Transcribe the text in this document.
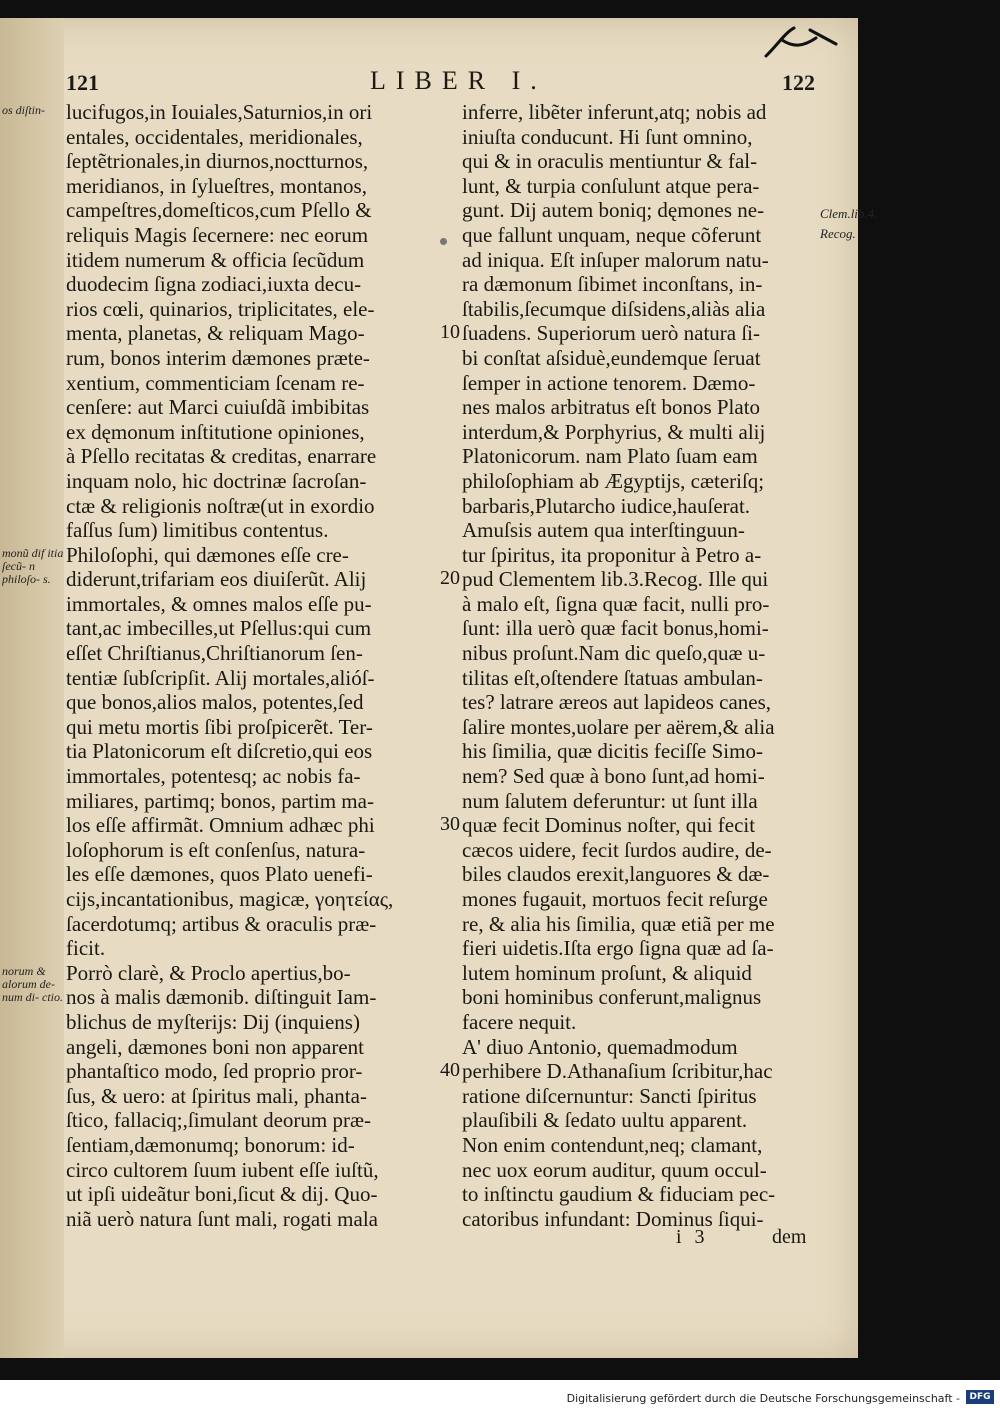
121	LIBER I.	122
lucifugos,in Iouiales,Saturnios,in ori
entales, occidentales, meridionales,
ſeptẽtrionales,in diurnos,noctturnos,
meridianos, in ſylueſtres, montanos,
campeſtres,domeſticos,cum Pſello &
reliquis Magis ſecernere: nec eorum
itidem numerum & officia ſecũdum
duodecim ſigna zodiaci,iuxta decu-
rios cœli, quinarios, triplicitates, ele-
menta, planetas, & reliquam Mago-
rum, bonos interim dæmones præte-
xentium, commenticiam ſcenam re-
cenſere: aut Marci cuiuſdã imbibitas
ex dęmonum inſtitutione opiniones,
à Pſello recitatas & creditas, enarrare
inquam nolo, hic doctrinæ ſacroſan-
ctæ & religionis noſtræ(ut in exordio
faſſus ſum) limitibus contentus.
Philoſophi, qui dæmones eſſe cre-
diderunt,trifariam eos diuiſerũt. Alij
immortales, & omnes malos eſſe pu-
tant,ac imbecilles,ut Pſellus:qui cum
eſſet Chriſtianus,Chriſtianorum ſen-
tentiæ ſubſcripſit. Alij mortales,alióſ-
que bonos,alios malos, potentes,ſed
qui metu mortis ſibi proſpicerẽt. Ter-
tia Platonicorum eſt diſcretio,qui eos
immortales, potentesq; ac nobis fa-
miliares, partimq; bonos, partim ma-
los eſſe affirmãt. Omnium adhæc phi
loſophorum is eſt conſenſus, natura-
les eſſe dæmones, quos Plato uenefi-
cijs,incantationibus, magicæ, γοητείας,
ſacerdotumq; artibus & oraculis præ-
ficit.
Porrò clarè, & Proclo apertius,bo-
nos à malis dæmonib. diſtinguit Iam-
blichus de myſterijs: Dij (inquiens)
angeli, dæmones boni non apparent
phantaſtico modo, ſed proprio pror-
ſus, & uero: at ſpiritus mali, phanta-
ſtico, fallaciq;,ſimulant deorum præ-
ſentiam,dæmonumq; bonorum: id-
circo cultorem ſuum iubent eſſe iuſtũ,
ut ipſi uideãtur boni,ſicut & dij. Quo-
niã uerò natura ſunt mali, rogati mala
inferre, libẽter inferunt,atq; nobis ad
iniuſta conducunt. Hi ſunt omnino,
qui & in oraculis mentiuntur & fal-
lunt, & turpia conſulunt atque pera-
gunt. Dij autem boniq; dęmones ne-
que fallunt unquam, neque cõferunt
ad iniqua. Eſt inſuper malorum natu-
ra dæmonum ſibimet inconſtans, in-
ſtabilis,ſecumque diſsidens,aliàs alia
ſuadens. Superiorum uerò natura ſi-
bi conſtat aſsiduè,eundemque ſeruat
ſemper in actione tenorem. Dæmo-
nes malos arbitratus eſt bonos Plato
interdum,& Porphyrius, & multi alij
Platonicorum. nam Plato ſuam eam
philoſophiam ab Ægyptijs, cæteriſq;
barbaris,Plutarcho iudice,hauſerat.
Amuſsis autem qua interſtinguun-
tur ſpiritus, ita proponitur à Petro a-
pud Clementem lib.3.Recog. Ille qui
à malo eſt, ſigna quæ facit, nulli pro-
ſunt: illa uerò quæ facit bonus,homi-
nibus proſunt.Nam dic queſo,quæ u-
tilitas eſt,oſtendere ſtatuas ambulan-
tes? latrare æreos aut lapideos canes,
ſalire montes,uolare per aërem,& alia
his ſimilia, quæ dicitis feciſſe Simo-
nem? Sed quæ à bono ſunt,ad homi-
num ſalutem deferuntur: ut ſunt illa
quæ fecit Dominus noſter, qui fecit
cæcos uidere, fecit ſurdos audire, de-
biles claudos erexit,languores & dæ-
mones fugauit, mortuos fecit reſurge
re, & alia his ſimilia, quæ etiã per me
fieri uidetis.Iſta ergo ſigna quæ ad ſa-
lutem hominum proſunt, & aliquid
boni hominibus conferunt,malignus
facere nequit.
A' diuo Antonio, quemadmodum
perhibere D.Athanaſium ſcribitur,hac
ratione diſcernuntur: Sancti ſpiritus
plauſibili & ſedato uultu apparent.
Non enim contendunt,neq; clamant,
nec uox eorum auditur, quum occul-
to inſtinctu gaudium & fiduciam pec-
catoribus infundant: Dominus ſiqui-
os diſtin-
monũ dif itia ſecũ- n philoſo- s.
norum & alorum de- num di- ctio.
Clem.lib.4. Recog.
10
20
30
40
i 3	dem
Digitalisierung gefördert durch die Deutsche Forschungsgemeinschaft -	DFG
